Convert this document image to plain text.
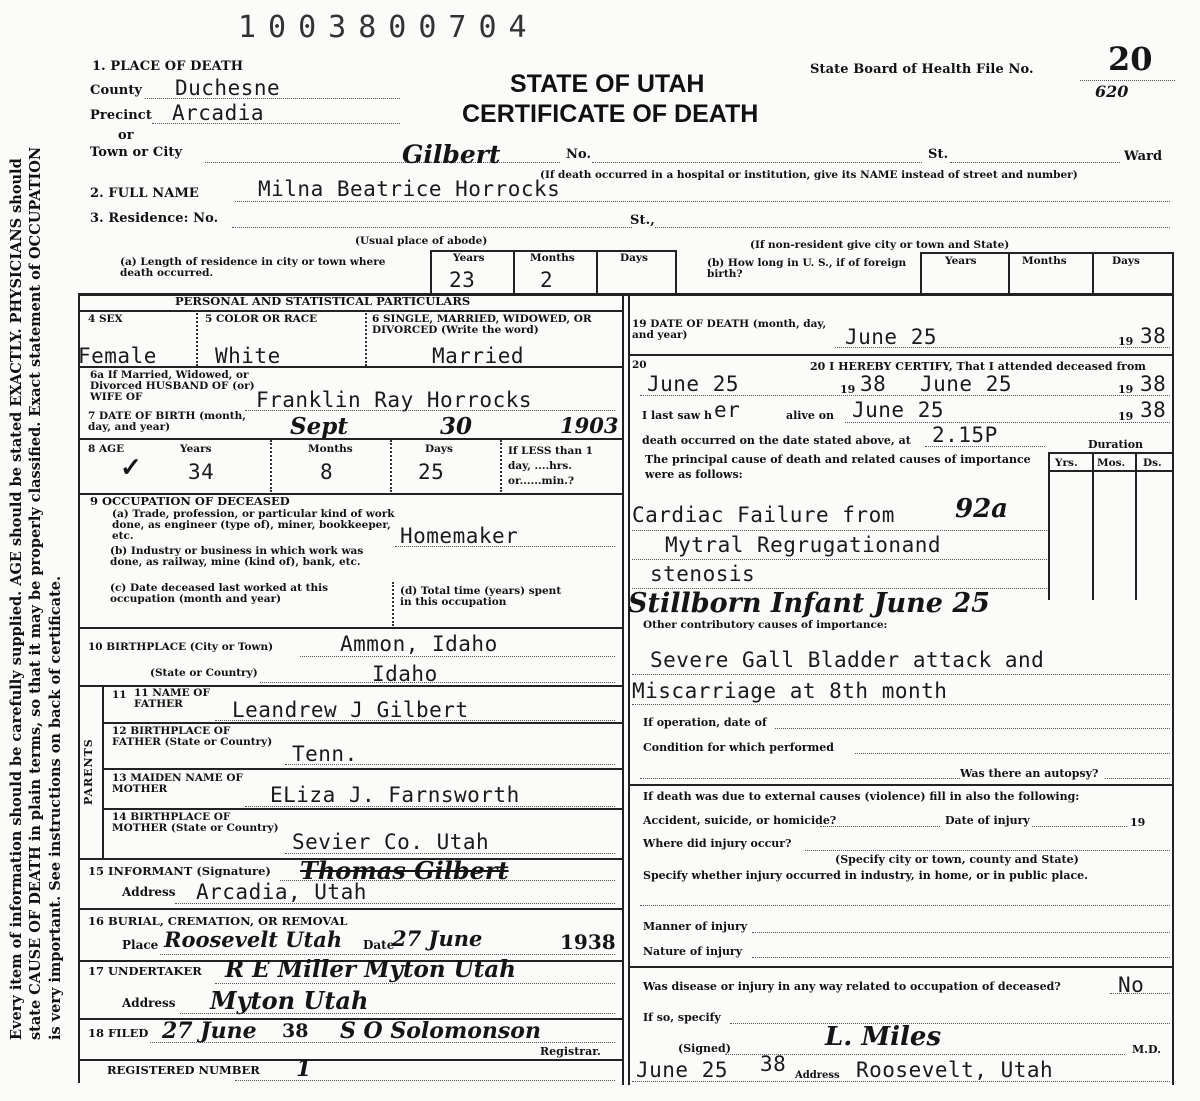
Every item of information should be carefully supplied. AGE should be stated EXACTLY. PHYSICIANS should state CAUSE OF DEATH in plain terms, so that it may be properly classified. Exact statement of OCCUPATION is very important. See instructions on back of certificate.
1003800704
STATE OF UTAH
CERTIFICATE OF DEATH
State Board of Health File No. 20
620
1. PLACE OF DEATH
County Duchesne
Precinct Arcadia
or
Town or City	No.	St.	Ward
(If death occurred in a hospital or institution, give its NAME instead of street and number)
2. FULL NAME	Milna Beatrice Horrocks
Gilbert
3. Residence: No.	St.,
(Usual place of abode)	(If non-resident give city or town and State)
(a) Length of residence in city or town where death occurred.
Years	Months	Days
23	2
(b) How long in U. S., if of foreign birth?
Years	Months	Days
PERSONAL AND STATISTICAL PARTICULARS
4 SEX
Female
5 COLOR OR RACE
White
6 SINGLE, MARRIED, WIDOWED, OR DIVORCED (Write the word)
Married
6a If Married, Widowed, or Divorced HUSBAND OF (or) WIFE OF	Franklin Ray Horrocks
7 DATE OF BIRTH (month, day, and year)	Sept	30	1903
8 AGE	Years	Months	Days	If LESS than 1 day, ....hrs. or......min.?
✓ 34	8	25
9 OCCUPATION OF DECEASED
(a) Trade, profession, or particular kind of work done, as engineer (type of), miner, bookkeeper, etc.	Homemaker
(b) Industry or business in which work was done, as railway, mine (kind of), bank, etc.
(c) Date deceased last worked at this occupation (month and year)
(d) Total time (years) spent in this occupation
10 BIRTHPLACE (City or Town)	Ammon, Idaho
(State or Country)	Idaho
PARENTS
11 11 NAME OF FATHER	Leandrew J Gilbert
12 BIRTHPLACE OF FATHER (State or Country) Tenn.
13 MAIDEN NAME OF MOTHER	ELiza J. Farnsworth
14 BIRTHPLACE OF MOTHER (State or Country)
Sevier Co. Utah
15 INFORMANT (Signature) Thomas Gilbert
Address Arcadia, Utah
16 BURIAL, CREMATION, OR REMOVAL
Place Roosevelt Utah Date
27 June	1938
17 UNDERTAKER R E Miller Myton Utah
Address Myton Utah
18 FILED 27 June 38 S O Solomonson
Registrar.
REGISTERED NUMBER 1
19 DATE OF DEATH (month, day, and year)	June 25	19 38
20	20 I HEREBY CERTIFY, That I attended deceased from
June 25	19 38 June 25	19 38
I last saw h er	alive on June 25	19 38
death occurred on the date stated above, at 2.15P	Duration
The principal cause of death and related causes of importance were as follows:
Yrs. Mos. Ds.
Cardiac Failure from 92a
Mytral Regrugationand
stenosis
Stillborn Infant June 25
Other contributory causes of importance:
Severe Gall Bladder attack and
Miscarriage at 8th month
If operation, date of
Condition for which performed
Was there an autopsy?
If death was due to external causes (violence) fill in also the following:
Accident, suicide, or homicide?	Date of injury	19
Where did injury occur?
(Specify city or town, county and State)
Specify whether injury occurred in industry, in home, or in public place.
Manner of injury
Nature of injury
Was disease or injury in any way related to occupation of deceased?	No
If so, specify
(Signed)	L. Miles	M.D.
June 25 38 Address Roosevelt, Utah
